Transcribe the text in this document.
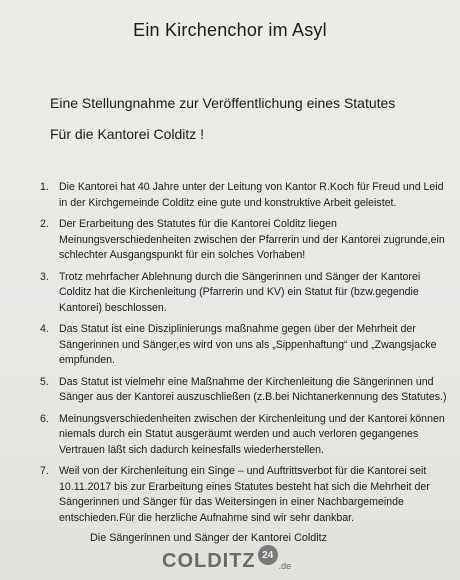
Ein Kirchenchor im Asyl
Eine Stellungnahme zur Veröffentlichung eines Statutes
Für die Kantorei Colditz !
1. Die Kantorei hat 40 Jahre unter der Leitung von Kantor R.Koch für Freud und Leid in der Kirchgemeinde Colditz eine gute und konstruktive Arbeit geleistet.
2. Der Erarbeitung des Statutes für die Kantorei Colditz liegen Meinungsverschiedenheiten zwischen der Pfarrerin und der Kantorei zugrunde,ein schlechter Ausgangspunkt für ein solches Vorhaben!
3. Trotz mehrfacher Ablehnung durch die Sängerinnen und Sänger der Kantorei Colditz hat die Kirchenleitung (Pfarrerin und KV) ein Statut für (bzw.gegendie Kantorei) beschlossen.
4. Das Statut ist eine Disziplinierungs maßnahme gegen über der Mehrheit der Sängerinnen und Sänger,es wird von uns als „Sippenhaftung“ und „Zwangsjacke empfunden.
5. Das Statut ist vielmehr eine Maßnahme der Kirchenleitung die Sängerinnen und Sänger aus der Kantorei auszuschließen (z.B.bei Nichtanerkennung des Statutes.)
6. Meinungsverschiedenheiten zwischen der Kirchenleitung und der Kantorei können niemals durch ein Statut ausgeräumt werden und auch verloren gegangenes Vertrauen läßt sich dadurch keinesfalls wiederherstellen.
7. Weil von der Kirchenleitung ein Singe – und Auftrittsverbot für die Kantorei seit 10.11.2017 bis zur Erarbeitung eines Statutes besteht hat sich die Mehrheit der Sängerinnen und Sänger für das Weitersingen in einer Nachbargemeinde entschieden.Für die herzliche Aufnahme sind wir sehr dankbar.
Die Sängerinnen und Sänger der Kantorei Colditz
COLDITZ 24
.de
